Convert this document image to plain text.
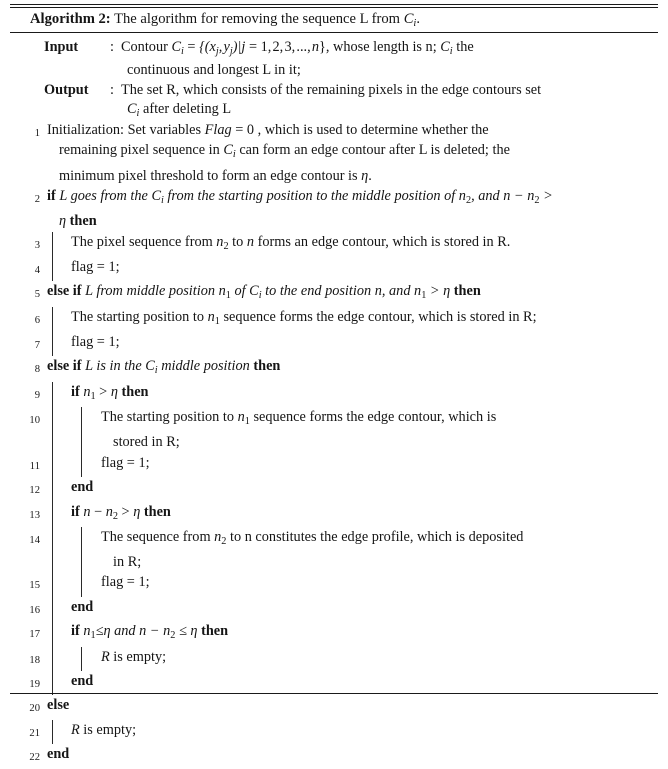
Algorithm 2: The algorithm for removing the sequence L from $C_i$.
Input	: Contour $C_i = \{(x_j$, $y_j)|j = 1$, 2, 3, ..., n}, whose length is n; $C_i$ the
continuous and longest L in it;
Output	: The set R, which consists of the remaining pixels in the edge contours set
$C_i$ after deleting L
1 Initialization: Set variables Flag = 0 , which is used to determine whether the
remaining pixel sequence in $C_i$ can form an edge contour after L is deleted; the
minimum pixel threshold to form an edge contour is η.
2 if L goes from the $C_i$ from the starting position to the middle position of $n_2$, and $n - n_2$ >
η then
3 The pixel sequence from $n_2$ to n forms an edge contour, which is stored in R.
4 flag = 1;
5 else if L from middle position $n_1$ of $C_i$ to the end position n, and $n_1 > \eta$ then
6 The starting position to $n_1$ sequence forms the edge contour, which is stored in R;
7 flag = 1;
8 else if L is in the $C_i$ middle position then
9 if $n_1 > \eta$ then
10	The starting position to $n_1$ sequence forms the edge contour, which is
stored in R;
11	flag = 1;
12 end
13 if $n - n_2 > \eta$ then
14	The sequence from $n_2$ to n constitutes the edge profile, which is deposited
in R;
15	flag = 1;
16 end
17 if $n_1\le\eta$ and $n - n_2 \le \eta$ then
18	R is empty;
19 end
20 else
21 R is empty;
22 end
